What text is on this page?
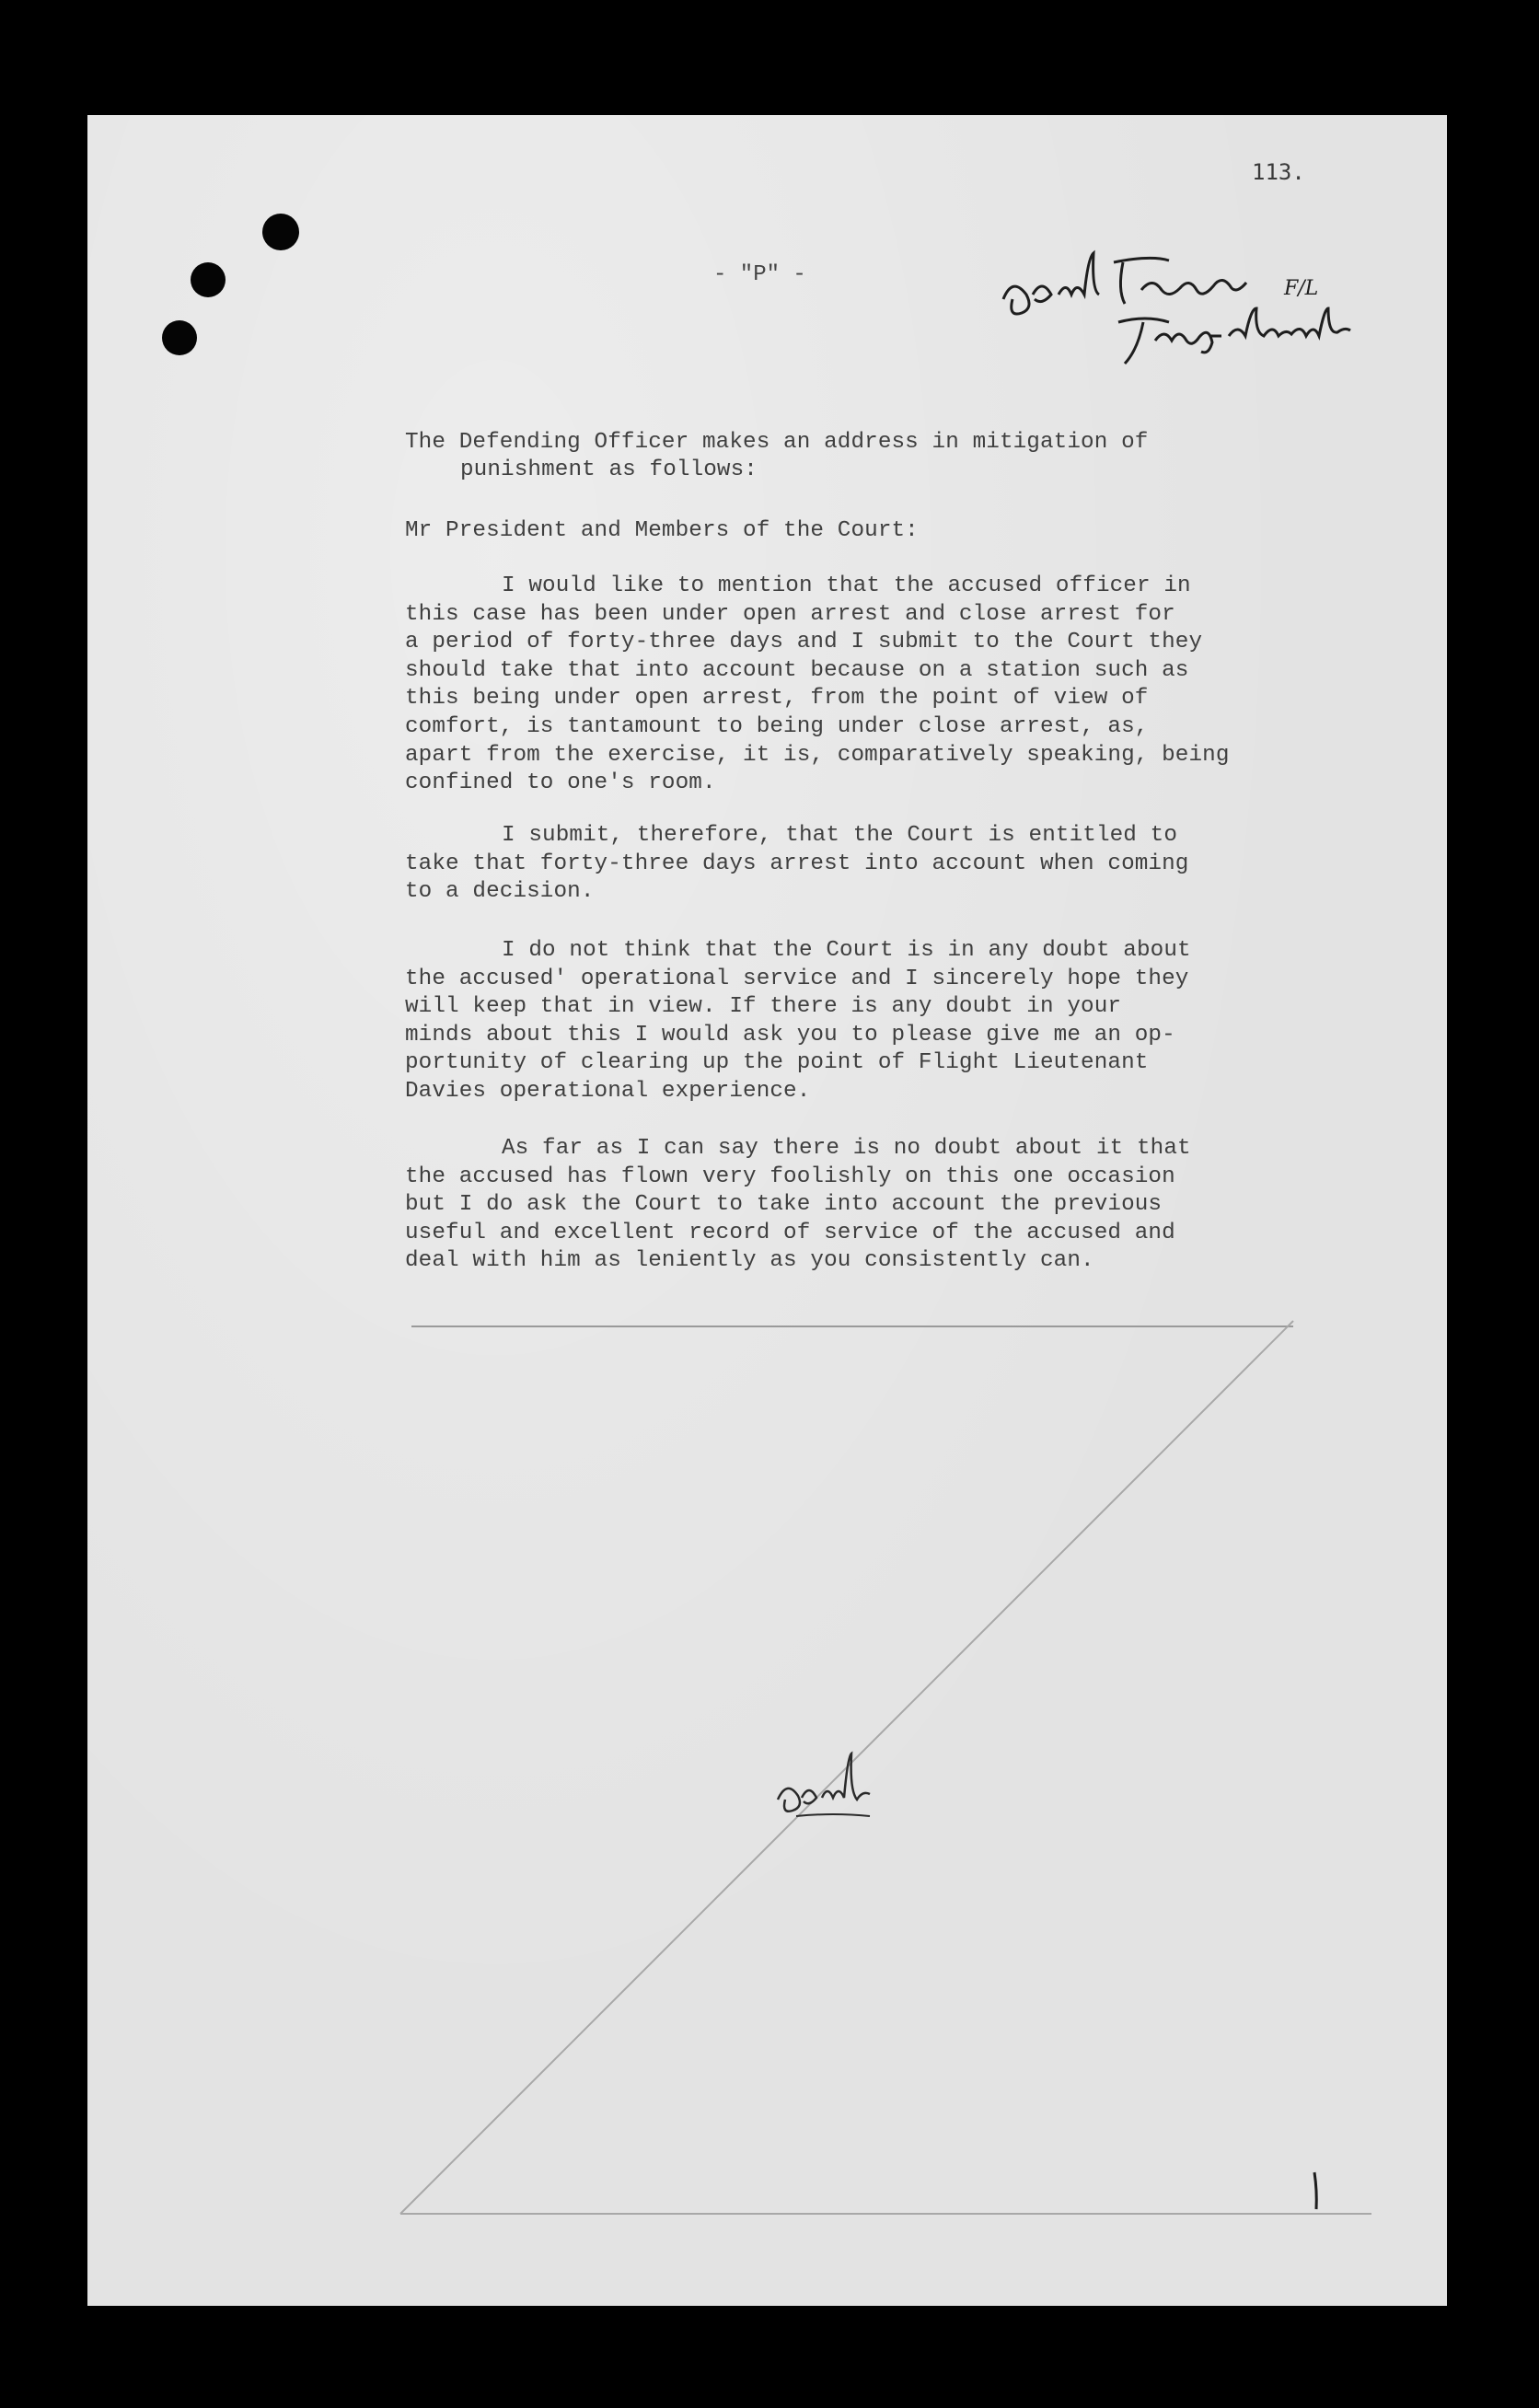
113.

- "P" -

F/L

The Defending Officer makes an address in mitigation of

punishment as follows:

Mr President and Members of the Court:

I would like to mention that the accused officer in
this case has been under open arrest and close arrest for
a period of forty-three days and I submit to the Court they
should take that into account because on a station such as
this being under open arrest, from the point of view of
comfort, is tantamount to being under close arrest, as,
apart from the exercise, it is, comparatively speaking, being
confined to one's room.

I submit, therefore, that the Court is entitled to
take that forty-three days arrest into account when coming
to a decision.

I do not think that the Court is in any doubt about
the accused' operational service and I sincerely hope they
will keep that in view. If there is any doubt in your
minds about this I would ask you to please give me an op-
portunity of clearing up the point of Flight Lieutenant
Davies operational experience.

As far as I can say there is no doubt about it that
the accused has flown very foolishly on this one occasion
but I do ask the Court to take into account the previous
useful and excellent record of service of the accused and
deal with him as leniently as you consistently can.
